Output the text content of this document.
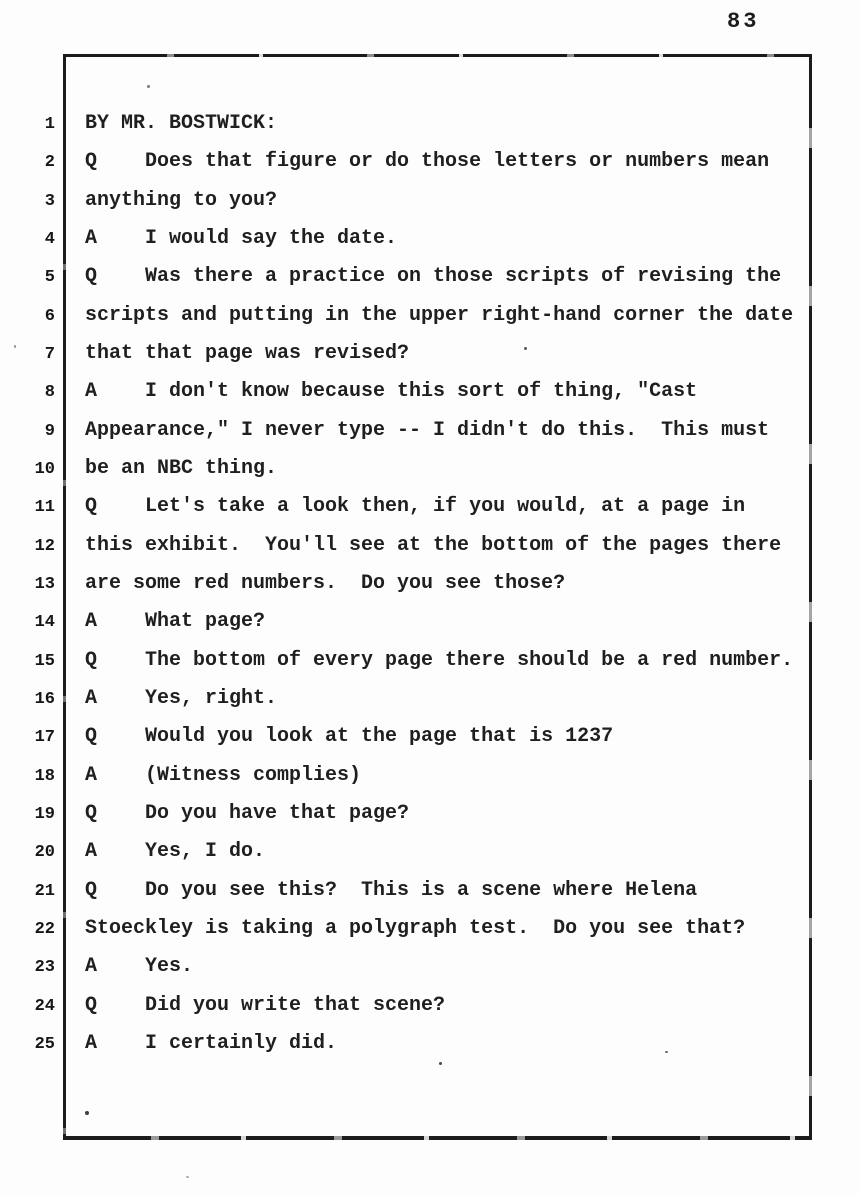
83
1	BY MR. BOSTWICK:
2	Q    Does that figure or do those letters or numbers mean
3	anything to you?
4	A    I would say the date.
5	Q    Was there a practice on those scripts of revising the
6	scripts and putting in the upper right-hand corner the date
7	that that page was revised?
8	A    I don't know because this sort of thing, "Cast
9	Appearance," I never type -- I didn't do this.  This must
10	be an NBC thing.
11	Q    Let's take a look then, if you would, at a page in
12	this exhibit.  You'll see at the bottom of the pages there
13	are some red numbers.  Do you see those?
14	A    What page?
15	Q    The bottom of every page there should be a red number.
16	A    Yes, right.
17	Q    Would you look at the page that is 1237
18	A    (Witness complies)
19	Q    Do you have that page?
20	A    Yes, I do.
21	Q    Do you see this?  This is a scene where Helena
22	Stoeckley is taking a polygraph test.  Do you see that?
23	A    Yes.
24	Q    Did you write that scene?
25	A    I certainly did.
